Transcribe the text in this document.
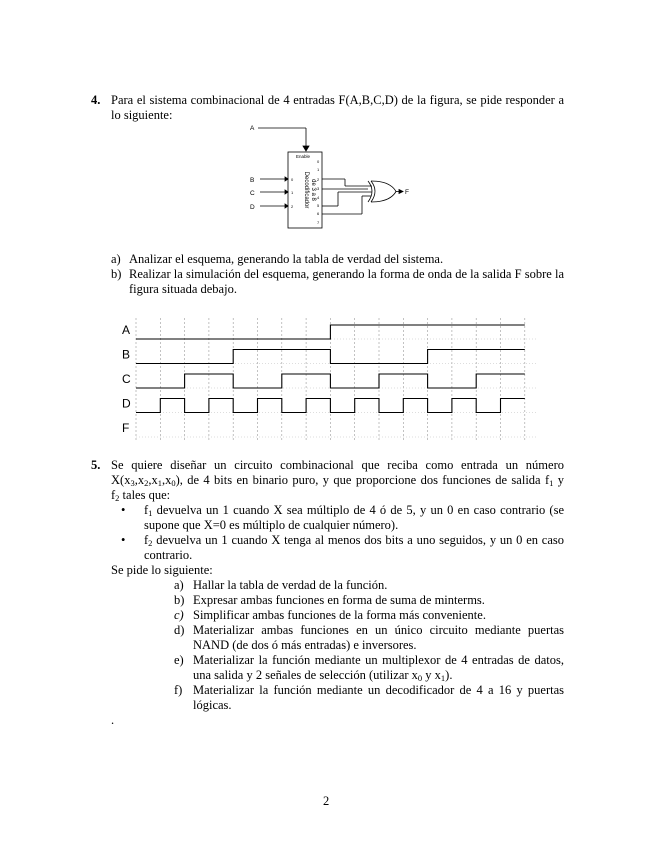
4. Para el sistema combinacional de 4 entradas F(A,B,C,D) de la figura, se pide responder a lo siguiente:
A
B
C
D
Enable
0
1
2
0
1
2
3
4
5
6
7
Decodificador de 3 a 8	F
a) Analizar el esquema, generando la tabla de verdad del sistema.
b) Realizar la simulación del esquema, generando la forma de onda de la salida F sobre la figura situada debajo.
A
B
C
D
F
5. Se quiere diseñar un circuito combinacional que reciba como entrada un número
$X(x_3,x_2,x_1,x_0)$, de 4 bits en binario puro, y que proporcione dos funciones de salida $f_1$ y
$f_2$ tales que:
• $f_1$ devuelva un 1 cuando X sea múltiplo de 4 ó de 5, y un 0 en caso contrario (se
supone que X=0 es múltiplo de cualquier número).
• $f_2$ devuelva un 1 cuando X tenga al menos dos bits a uno seguidos, y un 0 en caso
contrario.
Se pide lo siguiente:
a) Hallar la tabla de verdad de la función.
b) Expresar ambas funciones en forma de suma de minterms.
c) Simplificar ambas funciones de la forma más conveniente.
d) Materializar ambas funciones en un único circuito mediante puertas
NAND (de dos ó más entradas) e inversores.
e) Materializar la función mediante un multiplexor de 4 entradas de datos,
una salida y 2 señales de selección (utilizar $x_0$ y $x_1$).
f) Materializar la función mediante un decodificador de 4 a 16 y puertas
lógicas.
.
2
